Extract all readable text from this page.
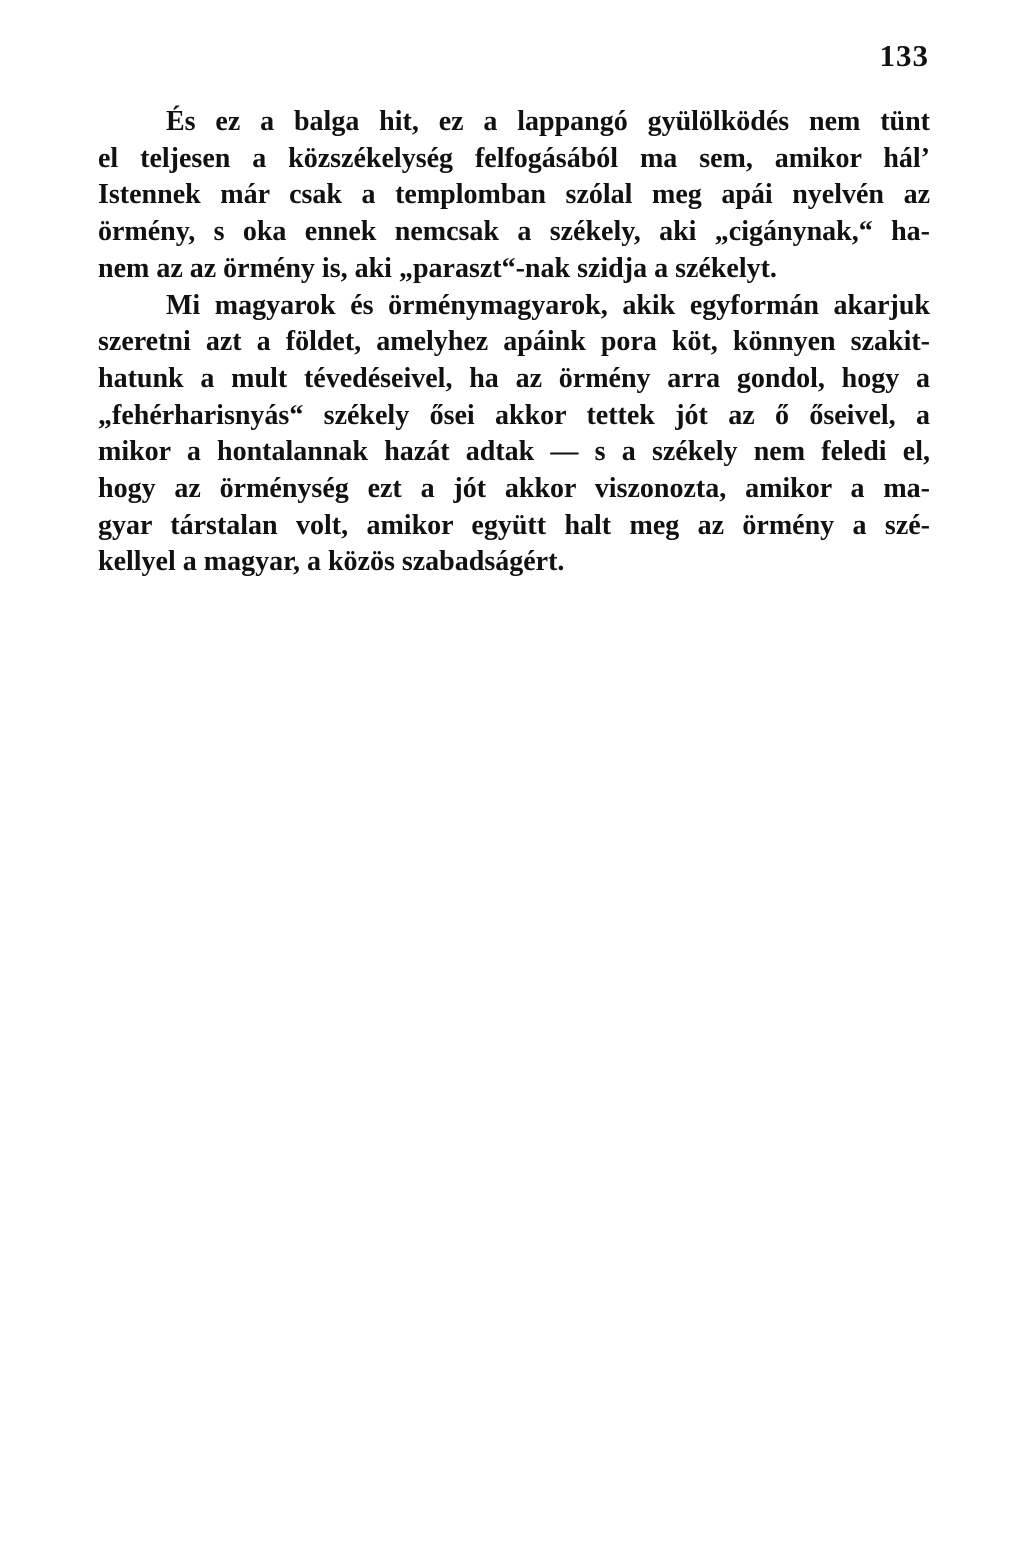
133
És ez a balga hit, ez a lappangó gyülölködés nem tünt
el teljesen a közszékelység felfogásából ma sem, amikor hál’
Istennek már csak a templomban szólal meg apái nyelvén az
örmény, s oka ennek nemcsak a székely, aki „cigánynak,“ ha-
nem az az örmény is, aki „paraszt“-nak szidja a székelyt.
Mi magyarok és örménymagyarok, akik egyformán akarjuk
szeretni azt a földet, amelyhez apáink pora köt, könnyen szakit-
hatunk a mult tévedéseivel, ha az örmény arra gondol, hogy a
„fehérharisnyás“ székely ősei akkor tettek jót az ő őseivel, a
mikor a hontalannak hazát adtak — s a székely nem feledi el,
hogy az örménység ezt a jót akkor viszonozta, amikor a ma-
gyar társtalan volt, amikor együtt halt meg az örmény a szé-
kellyel a magyar, a közös szabadságért.
